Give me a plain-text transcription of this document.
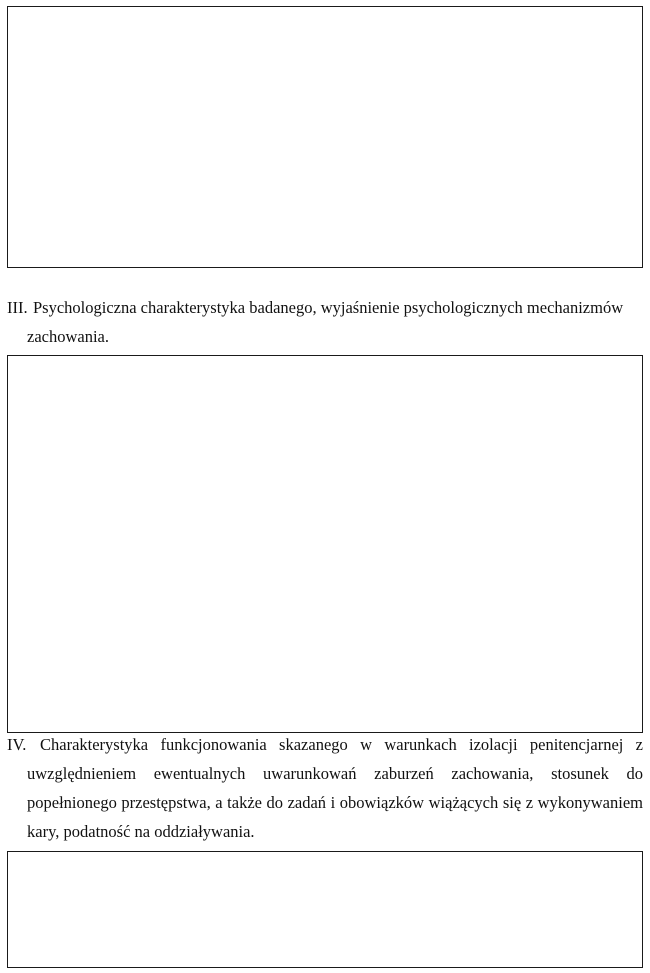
III. Psychologiczna charakterystyka badanego, wyjaśnienie psychologicznych mechanizmów
zachowania.
IV. Charakterystyka funkcjonowania skazanego w warunkach izolacji penitencjarnej z
uwzględnieniem ewentualnych uwarunkowań zaburzeń zachowania, stosunek do
popełnionego przestępstwa, a także do zadań i obowiązków wiążących się z wykonywaniem
kary, podatność na oddziaływania.
